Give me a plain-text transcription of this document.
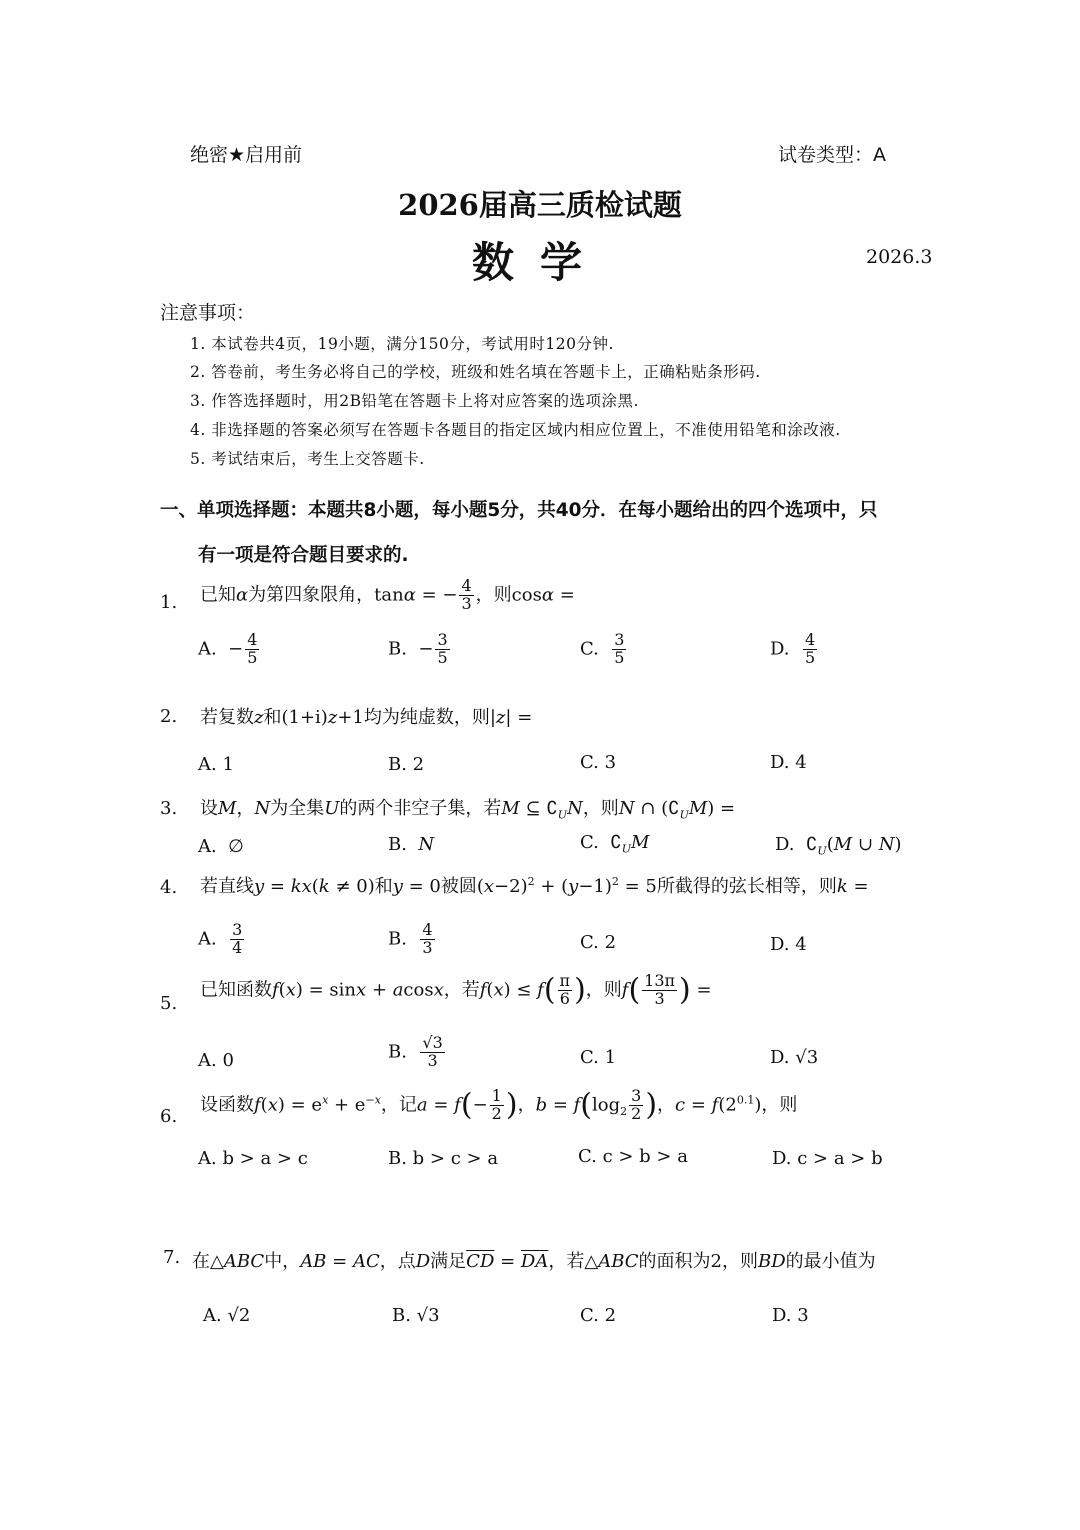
绝密★启用前	试卷类型：A
2026届高三质检试题
数学	2026.3
注意事项：
1. 本试卷共4页，19小题，满分150分，考试用时120分钟.
2. 答卷前，考生务必将自己的学校，班级和姓名填在答题卡上，正确粘贴条形码.
3. 作答选择题时，用2B铅笔在答题卡上将对应答案的选项涂黑.
4. 非选择题的答案必须写在答题卡各题目的指定区域内相应位置上，不准使用铅笔和涂改液.
5. 考试结束后，考生上交答题卡.
一、单项选择题：本题共8小题，每小题5分，共40分．在每小题给出的四个选项中，只
有一项是符合题目要求的.
1. 已知α为第四象限角，tanα = − $\frac{4}{3}$ ，则cosα =
A.  − $\frac{4}{5}$	B.  − $\frac{3}{5}$	C. $\frac{3}{5}$	D. $\frac{4}{5}$
2. 若复数z和(1+i)z+1均为纯虚数，则|z| =
A. 1	B. 2	C. 3	D. 4
3. 设M，N为全集U的两个非空子集，若M ⊆ $∁_UN$，则N ∩ $(∁_UM)$ =
A.  ∅	B.  N	C.  $∁_UM$	D.  $∁_U(M$ ∪ N)
4. 若直线y = kx(k ≠ 0)和y = 0被圆$(x-2)^2 + (y-1)^2 = 5$所截得的弦长相等，则k =
A. $\frac{3}{4}$	B. $\frac{4}{3}$	C. 2	D. 4
5.
已知函数f(x) = sinx + acosx，若$f(x) \le f( \frac{\pi}{6}$ )，则$f( \frac{13\pi}{3}$ ) =
A. 0	B. $\frac{√3}{3}$	C. 1	D. √3
6.
设函数$f(x) = e^x + e^{-x}$，记$a = f(- \frac{1}{2}$ )，$b = f(\log_2 \frac{3}{2}$ )，$c = f(2^{0.1})$，则
A. b > a > c	B. b > c > a	C. c > b > a	D. c > a > b
7. 在△ABC中，AB = AC，点D满足$\overline{CD} = \overline{DA}$，若△ABC的面积为2，则BD的最小值为
A. √2	B. √3	C. 2	D. 3
